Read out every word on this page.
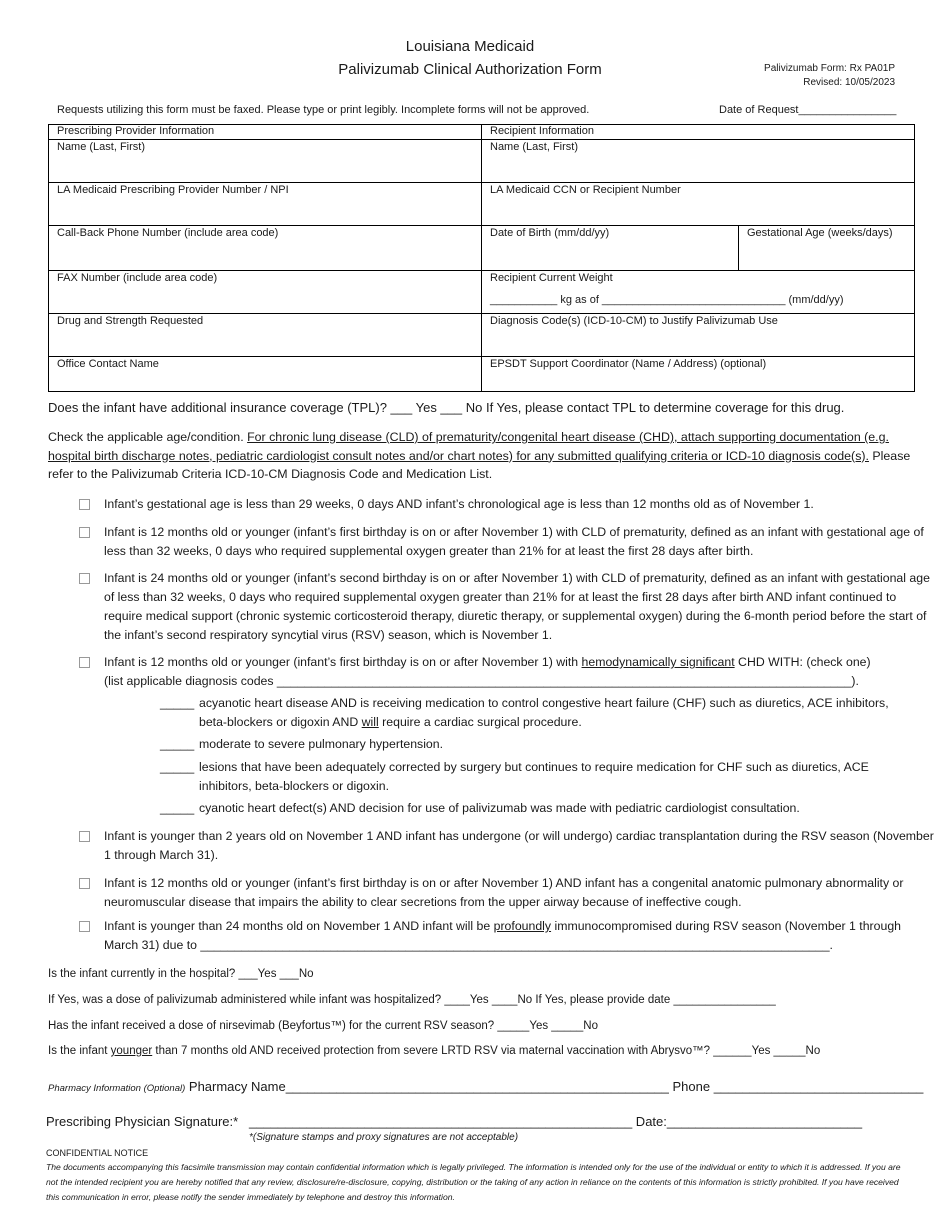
Louisiana Medicaid
Palivizumab Clinical Authorization Form	Palivizumab Form: Rx PA01P
Revised: 10/05/2023
Requests utilizing this form must be faxed. Please type or print legibly. Incomplete forms will not be approved.	Date of Request________________
Prescribing Provider Information	Recipient Information	
Name (Last, First)	Name (Last, First)	
LA Medicaid Prescribing Provider Number / NPI	LA Medicaid CCN or Recipient Number	
Call-Back Phone Number (include area code)	Date of Birth (mm/dd/yy)	Gestational Age (weeks/days)
FAX Number (include area code)	Recipient Current Weight
___________ kg as of ______________________________ (mm/dd/yy)	

Drug and Strength Requested	Diagnosis Code(s) (ICD-10-CM) to Justify Palivizumab Use	
Office Contact Name	EPSDT Support Coordinator (Name / Address) (optional)	
Does the infant have additional insurance coverage (TPL)? ___ Yes ___ No If Yes, please contact TPL to determine coverage for this drug.
Check the applicable age/condition. For chronic lung disease (CLD) of prematurity/congenital heart disease (CHD), attach supporting documentation (e.g. hospital birth discharge notes, pediatric cardiologist consult notes and/or chart notes) for any submitted qualifying criteria or ICD-10 diagnosis code(s). Please refer to the Palivizumab Criteria ICD-10-CM Diagnosis Code and Medication List.
Infant’s gestational age is less than 29 weeks, 0 days AND infant’s chronological age is less than 12 months old as of November 1.
Infant is 12 months old or younger (infant’s first birthday is on or after November 1) with CLD of prematurity, defined as an infant with gestational age of less than 32 weeks, 0 days who required supplemental oxygen greater than 21% for at least the first 28 days after birth.
Infant is 24 months old or younger (infant’s second birthday is on or after November 1) with CLD of prematurity, defined as an infant with gestational age of less than 32 weeks, 0 days who required supplemental oxygen greater than 21% for at least the first 28 days after birth AND infant continued to require medical support (chronic systemic corticosteroid therapy, diuretic therapy, or supplemental oxygen) during the 6-month period before the start of the infant’s second respiratory syncytial virus (RSV) season, which is November 1.
Infant is 12 months old or younger (infant’s first birthday is on or after November 1) with hemodynamically significant CHD WITH: (check one)
(list applicable diagnosis codes ____________________________________________________________________________________).
_____ acyanotic heart disease AND is receiving medication to control congestive heart failure (CHF) such as diuretics, ACE inhibitors, beta-blockers or digoxin AND will require a cardiac surgical procedure.
_____ moderate to severe pulmonary hypertension.
_____ lesions that have been adequately corrected by surgery but continues to require medication for CHF such as diuretics, ACE inhibitors, beta-blockers or digoxin.
_____ cyanotic heart defect(s) AND decision for use of palivizumab was made with pediatric cardiologist consultation.
Infant is younger than 2 years old on November 1 AND infant has undergone (or will undergo) cardiac transplantation during the RSV season (November 1 through March 31).
Infant is 12 months old or younger (infant’s first birthday is on or after November 1) AND infant has a congenital anatomic pulmonary abnormality or neuromuscular disease that impairs the ability to clear secretions from the upper airway because of ineffective cough.
Infant is younger than 24 months old on November 1 AND infant will be profoundly immunocompromised during RSV season (November 1 through March 31) due to ____________________________________________________________________________________________.
Is the infant currently in the hospital? ___Yes ___No
If Yes, was a dose of palivizumab administered while infant was hospitalized? ____Yes ____No If Yes, please provide date ________________
Has the infant received a dose of nirsevimab (Beyfortus™) for the current RSV season? _____Yes _____No
Is the infant younger than 7 months old AND received protection from severe LRTD RSV via maternal vaccination with Abrysvo™? ______Yes _____No
Pharmacy Information (Optional) Pharmacy Name_____________________________________________________ Phone _____________________________
Prescribing Physician Signature:* _____________________________________________________ Date:___________________________
*(Signature stamps and proxy signatures are not acceptable)
CONFIDENTIAL NOTICE
The documents accompanying this facsimile transmission may contain confidential information which is legally privileged. The information is intended only for the use of the individual or entity to which it is addressed. If you are not the intended recipient you are hereby notified that any review, disclosure/re-disclosure, copying, distribution or the taking of any action in reliance on the contents of this information is strictly prohibited. If you have received this communication in error, please notify the sender immediately by telephone and destroy this information.
